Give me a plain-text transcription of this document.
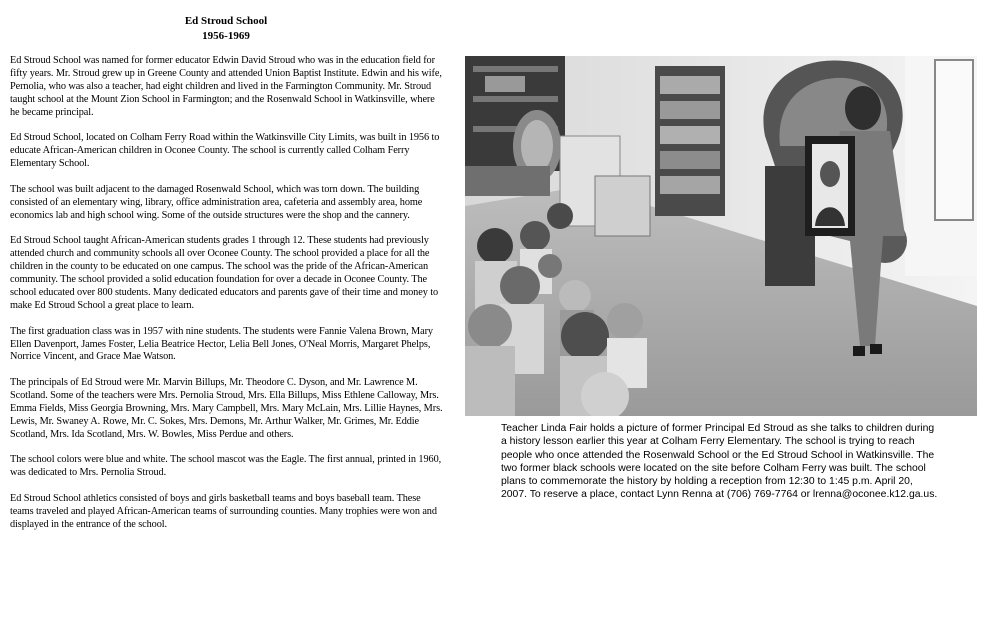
Ed Stroud School
1956-1969

Ed Stroud School was named for former educator Edwin David Stroud who was in the education field for fifty years. Mr. Stroud grew up in Greene County and attended Union Baptist Institute. Edwin and his wife, Pernolia, who was also a teacher, had eight children and lived in the Farmington Community. Mr. Stroud taught school at the Mount Zion School in Farmington; and the Rosenwald School in Watkinsville, where he became principal.

Ed Stroud School, located on Colham Ferry Road within the Watkinsville City Limits, was built in 1956 to educate African-American children in Oconee County. The school is currently called Colham Ferry Elementary School.

The school was built adjacent to the damaged Rosenwald School, which was torn down. The building consisted of an elementary wing, library, office administration area, cafeteria and assembly area, home economics lab and high school wing. Some of the outside structures were the shop and the cannery.

Ed Stroud School taught African-American students grades 1 through 12. These students had previously attended church and community schools all over Oconee County. The school provided a place for all the children in the county to be educated on one campus. The school was the pride of the African-American community. The school provided a solid education foundation for over a decade in Oconee County. The school educated over 800 students. Many dedicated educators and parents gave of their time and money to make Ed Stroud School a great place to learn.

The first graduation class was in 1957 with nine students. The students were Fannie Valena Brown, Mary Ellen Davenport, James Foster, Lelia Beatrice Hector, Lelia Bell Jones, O'Neal Morris, Margaret Phelps, Norrice Vincent, and Grace Mae Watson.

The principals of Ed Stroud were Mr. Marvin Billups, Mr. Theodore C. Dyson, and Mr. Lawrence M. Scotland. Some of the teachers were Mrs. Pernolia Stroud, Mrs. Ella Billups, Miss Ethlene Calloway, Mrs. Emma Fields, Miss Georgia Browning, Mrs. Mary Campbell, Mrs. Mary McLain, Mrs. Lillie Haynes, Mrs. Lewis, Mr. Swaney A. Rowe, Mr. C. Sokes, Mrs. Demons, Mr. Arthur Walker, Mr. Grimes, Mr. Eddie Scotland, Mrs. Ida Scotland, Mrs. W. Bowles, Miss Perdue and others.

The school colors were blue and white. The school mascot was the Eagle. The first annual, printed in 1960, was dedicated to Mrs. Pernolia Stroud.

Ed Stroud School athletics consisted of boys and girls basketball teams and boys baseball team. These teams traveled and played African-American teams of surrounding counties. Many trophies were won and displayed in the entrance of the school.

Teacher Linda Fair holds a picture of former Principal Ed Stroud as she talks to children during a history lesson earlier this year at Colham Ferry Elementary. The school is trying to reach people who once attended the Rosenwald School or the Ed Stroud School in Watkinsville. The two former black schools were located on the site before Colham Ferry was built. The school plans to commemorate the history by holding a reception from 12:30 to 1:45 p.m. April 20, 2007. To reserve a place, contact Lynn Renna at (706) 769-7764 or lrenna@oconee.k12.ga.us.
